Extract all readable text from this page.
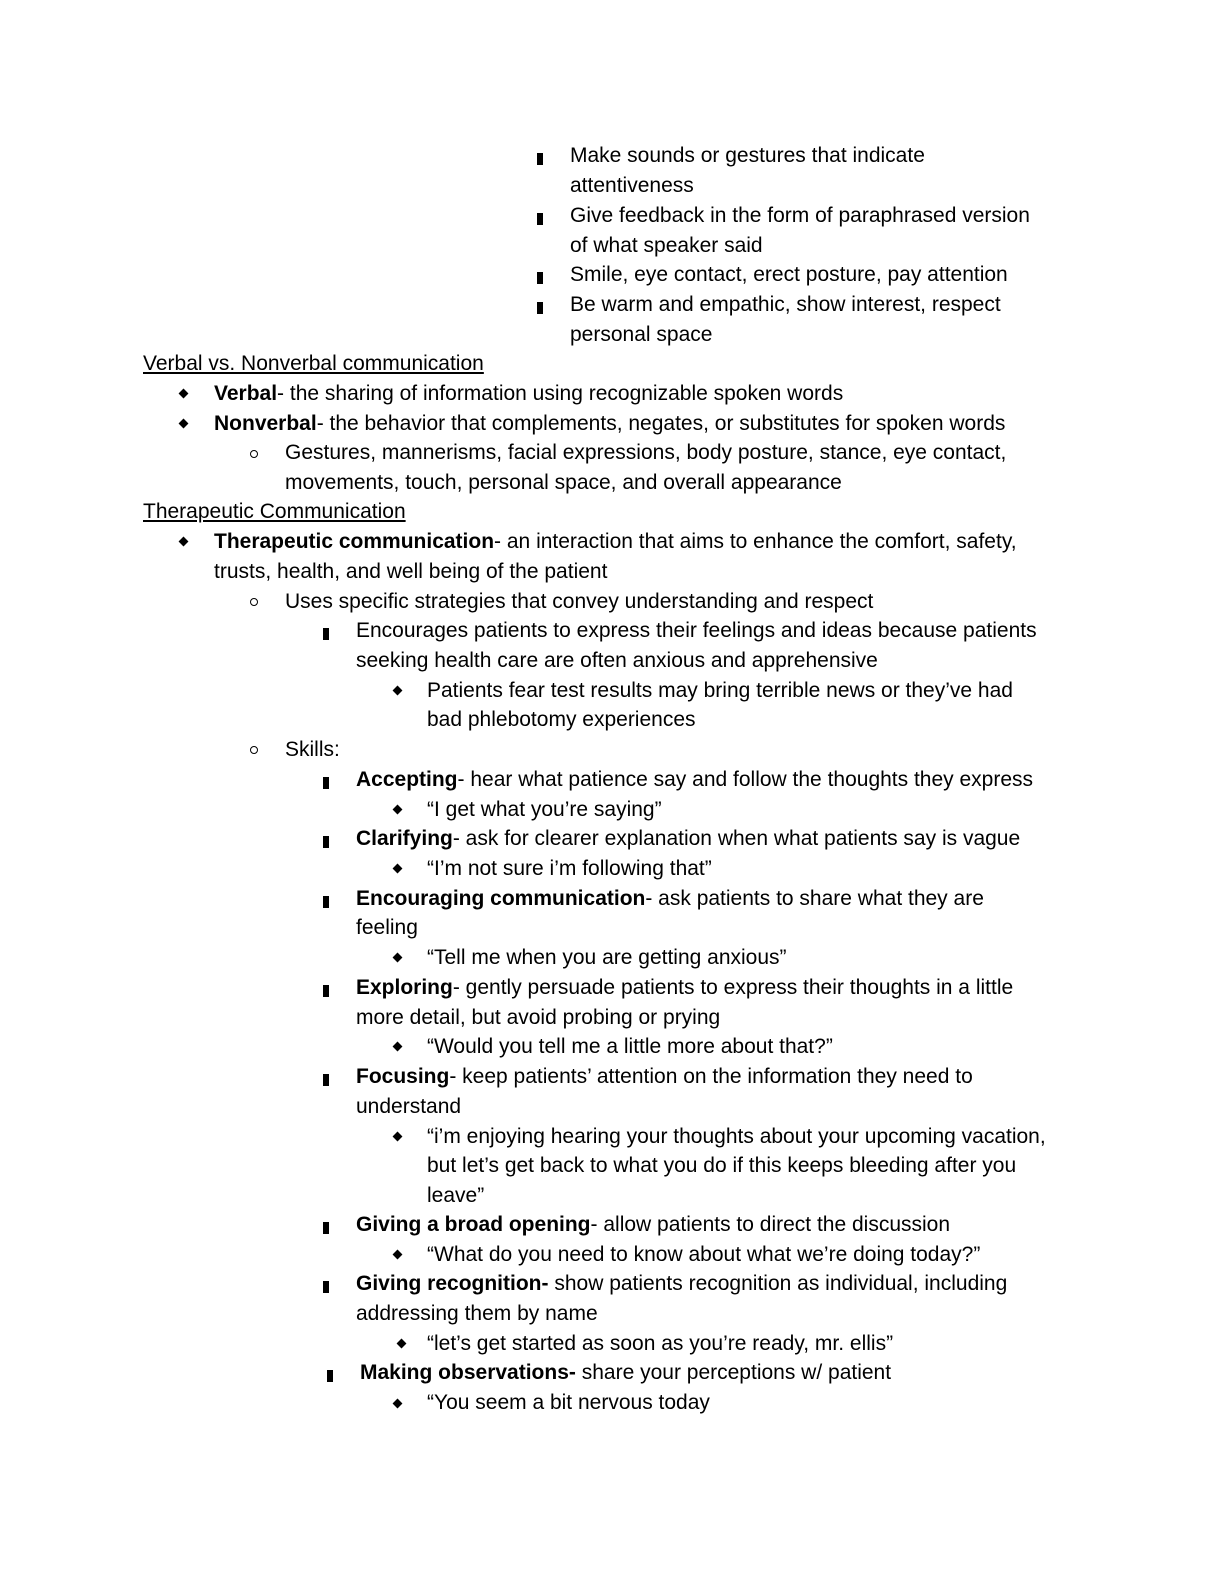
Make sounds or gestures that indicate
attentiveness
Give feedback in the form of paraphrased version
of what speaker said
Smile, eye contact, erect posture, pay attention
Be warm and empathic, show interest, respect
personal space
Verbal vs. Nonverbal communication
Verbal- the sharing of information using recognizable spoken words
Nonverbal- the behavior that complements, negates, or substitutes for spoken words
Gestures, mannerisms, facial expressions, body posture, stance, eye contact,
movements, touch, personal space, and overall appearance
Therapeutic Communication
Therapeutic communication- an interaction that aims to enhance the comfort, safety,
trusts, health, and well being of the patient
Uses specific strategies that convey understanding and respect
Encourages patients to express their feelings and ideas because patients
seeking health care are often anxious and apprehensive
Patients fear test results may bring terrible news or they’ve had
bad phlebotomy experiences
Skills:
Accepting- hear what patience say and follow the thoughts they express
“I get what you’re saying”
Clarifying- ask for clearer explanation when what patients say is vague
“I’m not sure i’m following that”
Encouraging communication- ask patients to share what they are
feeling
“Tell me when you are getting anxious”
Exploring- gently persuade patients to express their thoughts in a little
more detail, but avoid probing or prying
“Would you tell me a little more about that?”
Focusing- keep patients’ attention on the information they need to
understand
“i’m enjoying hearing your thoughts about your upcoming vacation,
but let’s get back to what you do if this keeps bleeding after you
leave”
Giving a broad opening- allow patients to direct the discussion
“What do you need to know about what we’re doing today?”
Giving recognition- show patients recognition as individual, including
addressing them by name
“let’s get started as soon as you’re ready, mr. ellis”
Making observations- share your perceptions w/ patient
“You seem a bit nervous today
